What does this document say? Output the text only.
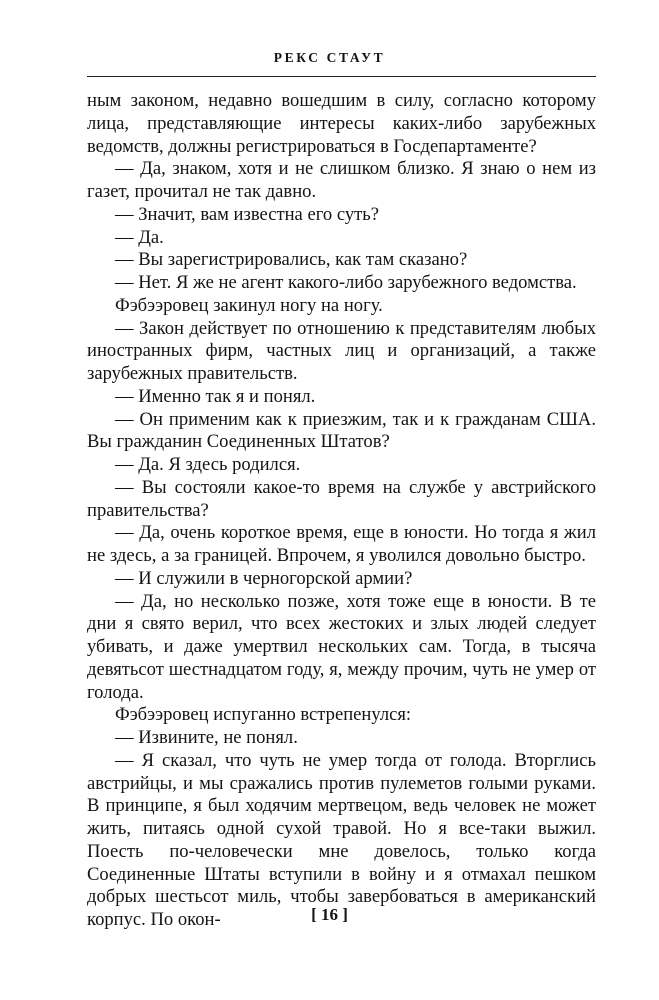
РЕКС СТАУТ

ным законом, недавно вошедшим в силу, согласно которому лица, представляющие интересы каких-либо зарубежных ведомств, должны регистрироваться в Госдепартаменте?

— Да, знаком, хотя и не слишком близко. Я знаю о нем из газет, прочитал не так давно.

— Значит, вам известна его суть?

— Да.

— Вы зарегистрировались, как там сказано?

— Нет. Я же не агент какого-либо зарубежного ведомства.

Фэбээровец закинул ногу на ногу.

— Закон действует по отношению к представителям любых иностранных фирм, частных лиц и организаций, а также зарубежных правительств.

— Именно так я и понял.

— Он применим как к приезжим, так и к гражданам США. Вы гражданин Соединенных Штатов?

— Да. Я здесь родился.

— Вы состояли какое-то время на службе у австрийского правительства?

— Да, очень короткое время, еще в юности. Но тогда я жил не здесь, а за границей. Впрочем, я уволился довольно быстро.

— И служили в черногорской армии?

— Да, но несколько позже, хотя тоже еще в юности. В те дни я свято верил, что всех жестоких и злых людей следует убивать, и даже умертвил нескольких сам. Тогда, в тысяча девятьсот шестнадцатом году, я, между прочим, чуть не умер от голода.

Фэбээровец испуганно встрепенулся:

— Извините, не понял.

— Я сказал, что чуть не умер тогда от голода. Вторглись австрийцы, и мы сражались против пулеметов голыми руками. В принципе, я был ходячим мертвецом, ведь человек не может жить, питаясь одной сухой травой. Но я все-таки выжил. Поесть по-человечески мне довелось, только когда Соединенные Штаты вступили в войну и я отмахал пешком добрых шестьсот миль, чтобы завербоваться в американский корпус. По окон-	[ 16 ]
